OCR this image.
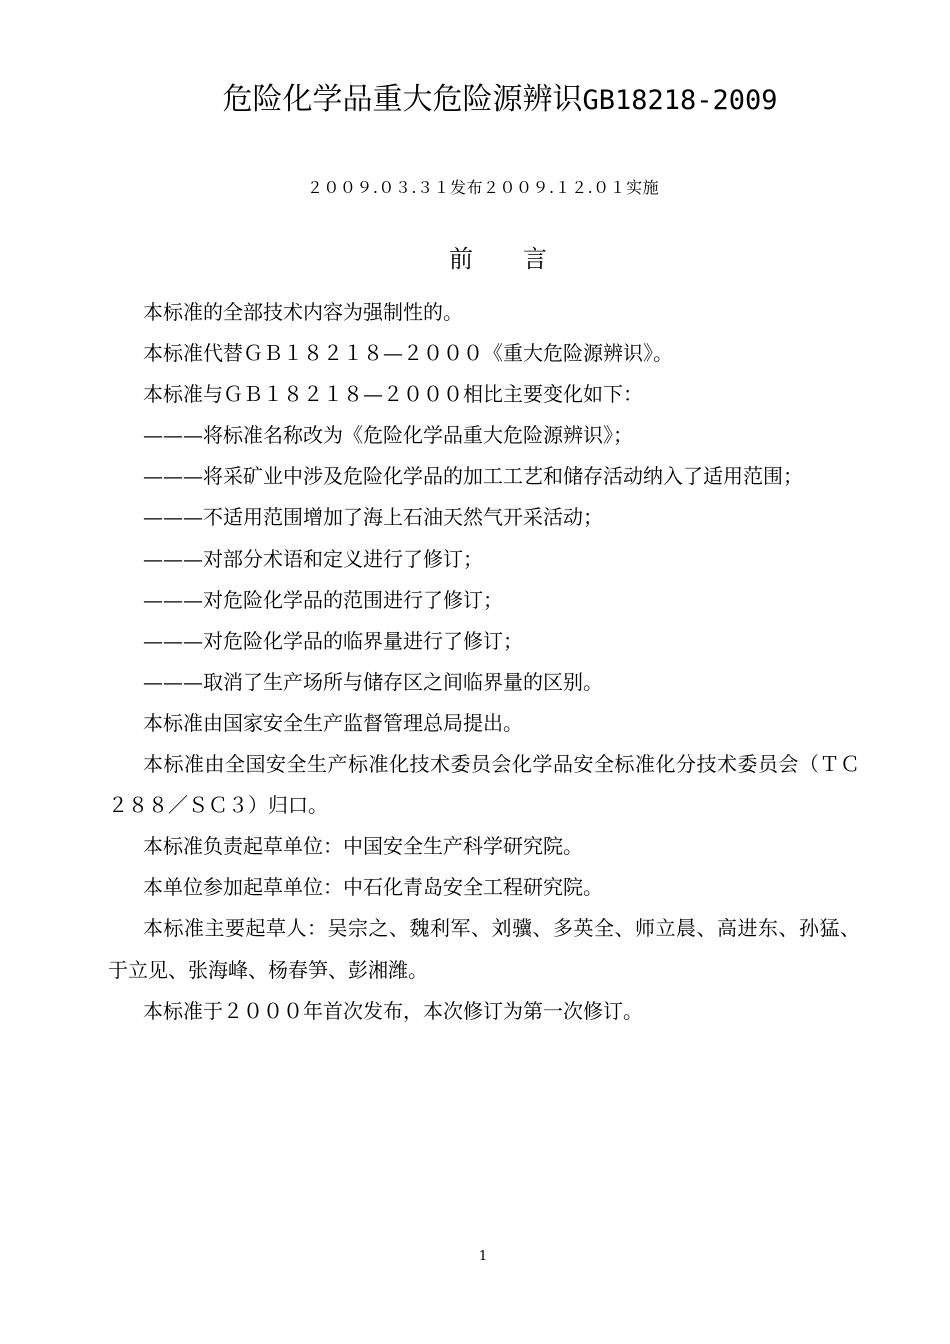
危险化学品重大危险源辨识GB18218-2009
２００９.０３.３１发布２００９.１２.０１实施
前言

本标准的全部技术内容为强制性的。

本标准代替ＧＢ１８２１８—２０００《重大危险源辨识》。

本标准与ＧＢ１８２１８—２０００相比主要变化如下：

———将标准名称改为《危险化学品重大危险源辨识》；

———将采矿业中涉及危险化学品的加工工艺和储存活动纳入了适用范围；

———不适用范围增加了海上石油天然气开采活动；

———对部分术语和定义进行了修订；

———对危险化学品的范围进行了修订；

———对危险化学品的临界量进行了修订；

———取消了生产场所与储存区之间临界量的区别。

本标准由国家安全生产监督管理总局提出。

本标准由全国安全生产标准化技术委员会化学品安全标准化分技术委员会（ＴＣ２８８／ＳＣ３）归口。

本标准负责起草单位：中国安全生产科学研究院。

本单位参加起草单位：中石化青岛安全工程研究院。

本标准主要起草人：吴宗之、魏利军、刘骥、多英全、师立晨、高进东、孙猛、于立见、张海峰、杨春笋、彭湘潍。

本标准于２０００年首次发布，本次修订为第一次修订。

1
